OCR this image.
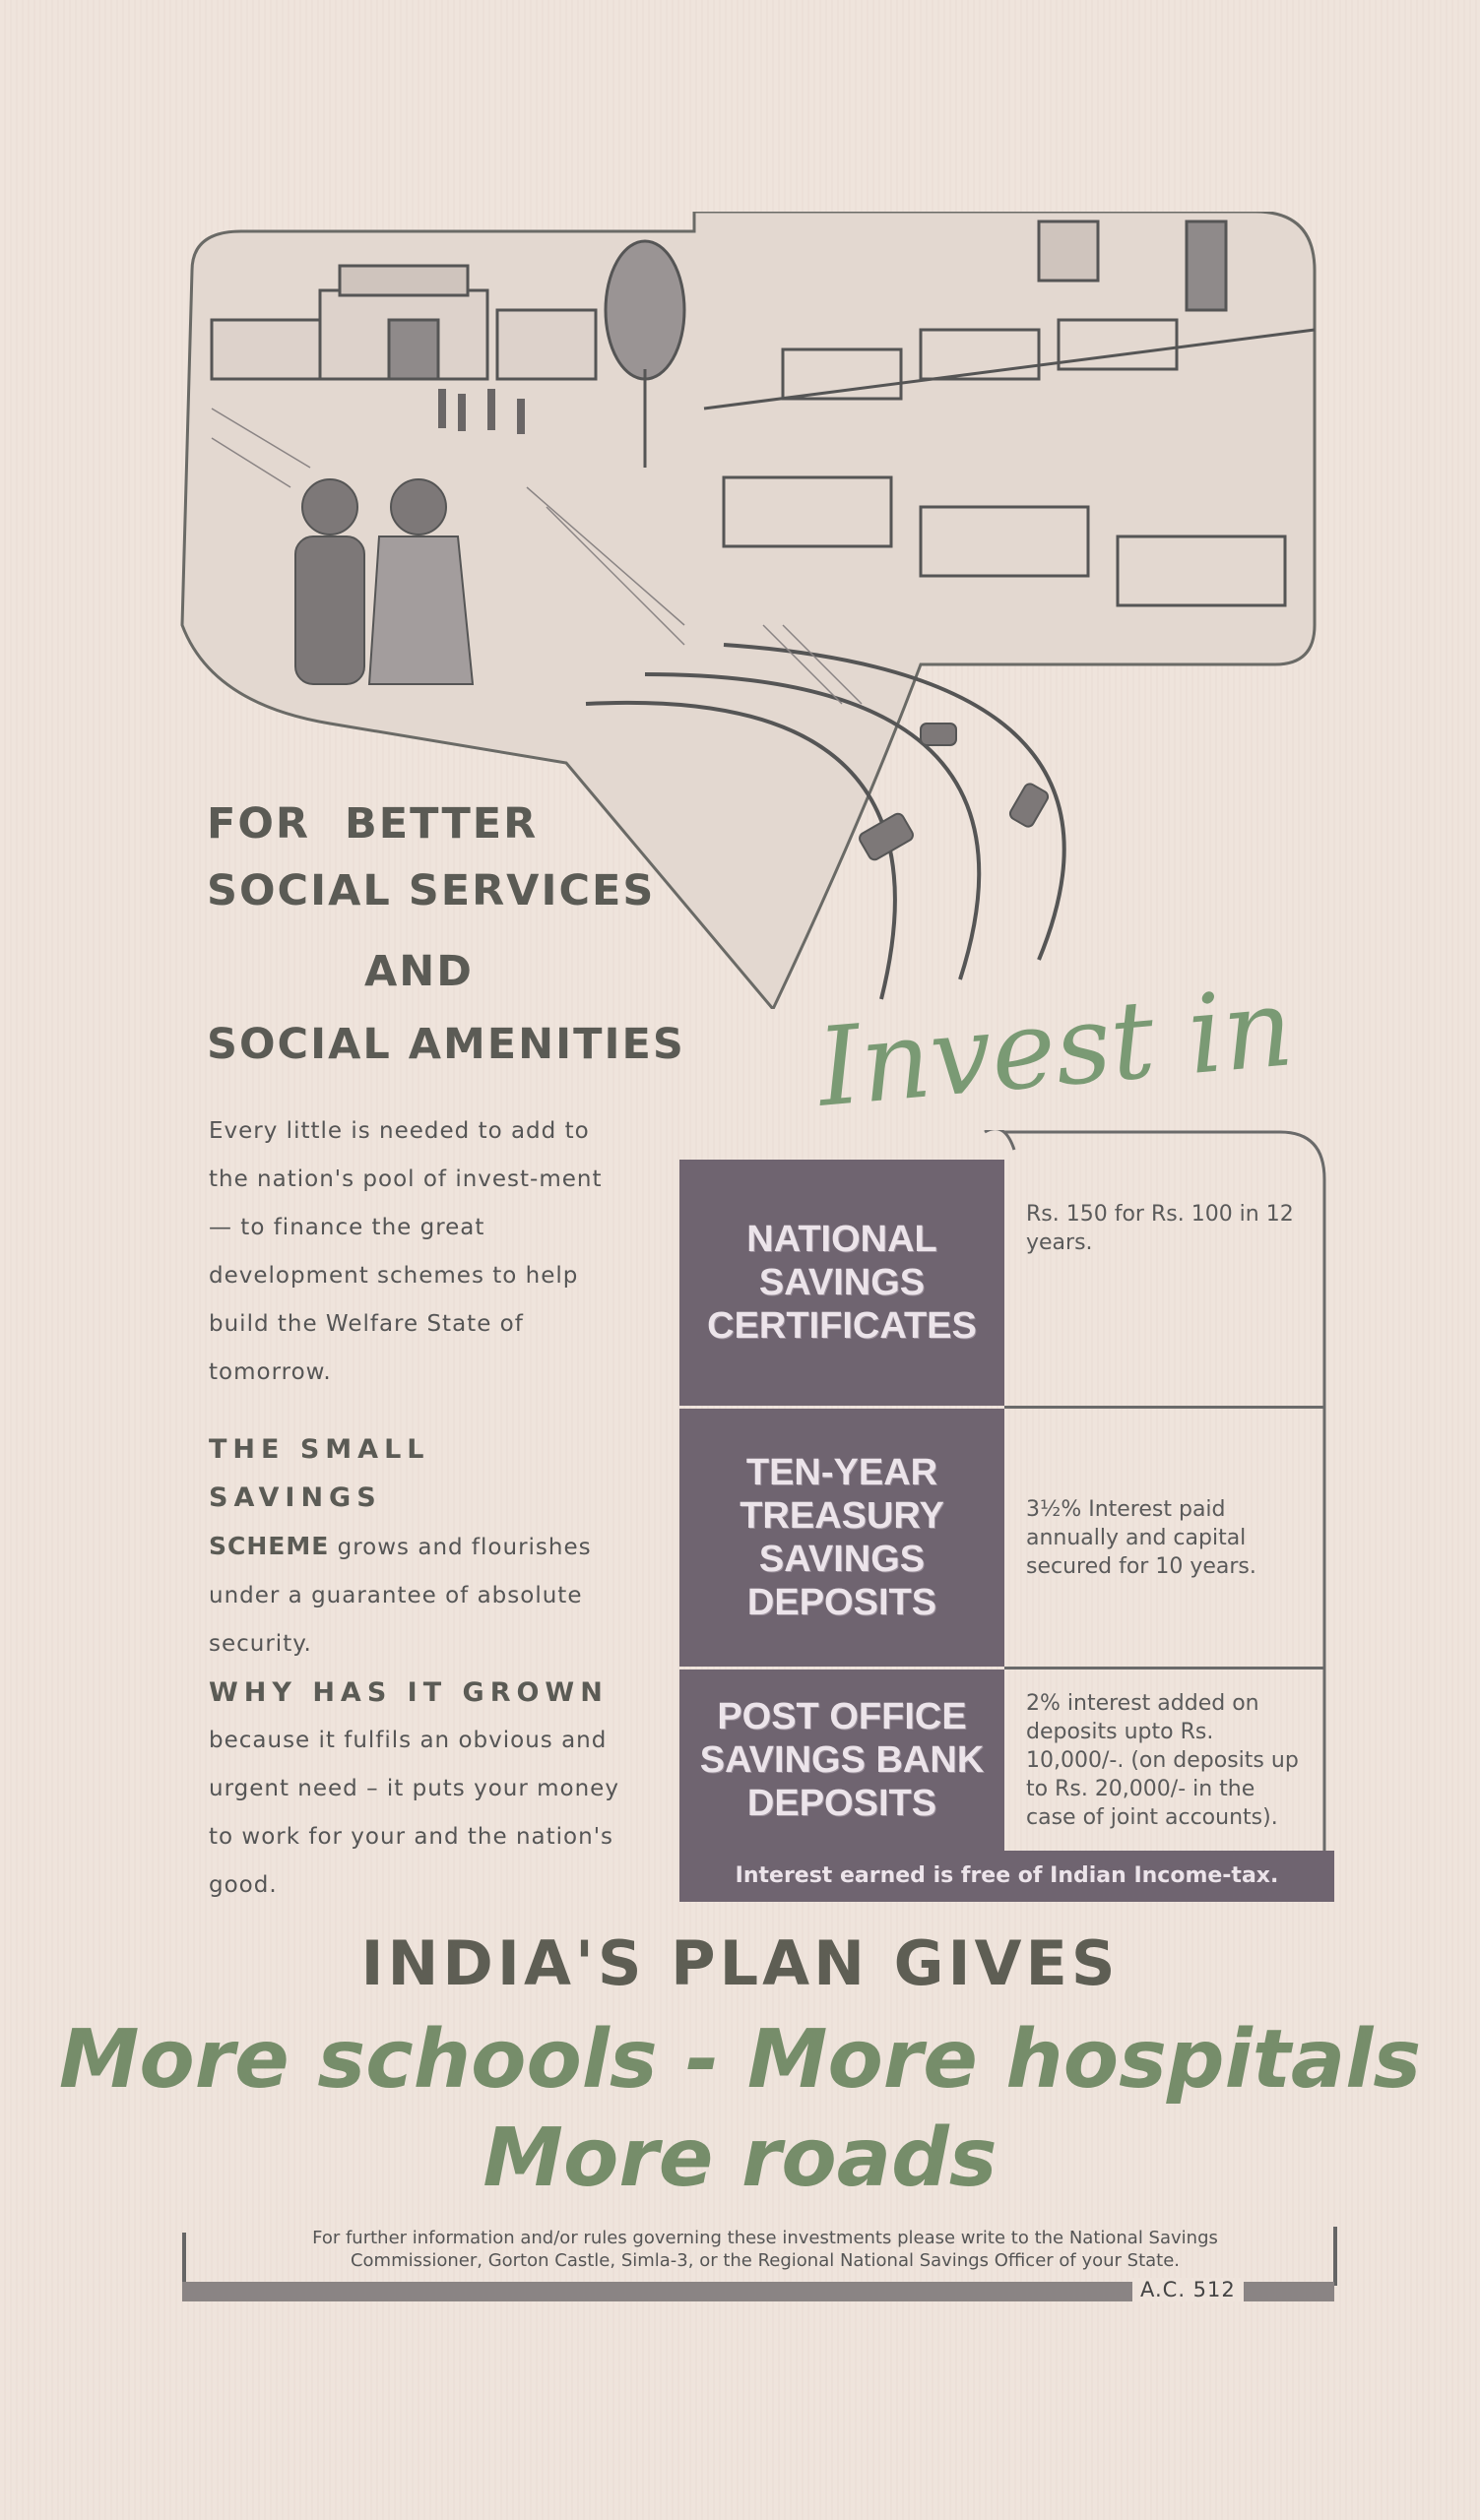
FOR BETTER
SOCIAL SERVICES
AND
SOCIAL AMENITIES
Every little is needed to add to the nation's pool of invest-ment — to finance the great development schemes to help build the Welfare State of tomorrow.
THE SMALL SAVINGS
SCHEME grows and flourishes under a guarantee of absolute security.
WHY HAS IT GROWN
because it fulfils an obvious and urgent need – it puts your money to work for your and the nation's good.
Invest in
NATIONAL
SAVINGS
CERTIFICATES
Rs. 150 for Rs. 100 in 12 years.
TEN-YEAR
TREASURY
SAVINGS
DEPOSITS
3½% Interest paid annually and capital secured for 10 years.
POST OFFICE
SAVINGS BANK
DEPOSITS
2% interest added on deposits upto Rs. 10,000/-. (on deposits up to Rs. 20,000/- in the case of joint accounts).
Interest earned is free of Indian Income-tax.
INDIA'S PLAN GIVES
More schools - More hospitals
More roads
For further information and/or rules governing these investments please write to the National Savings
Commissioner, Gorton Castle, Simla-3, or the Regional National Savings Officer of your State.
A.C. 512
